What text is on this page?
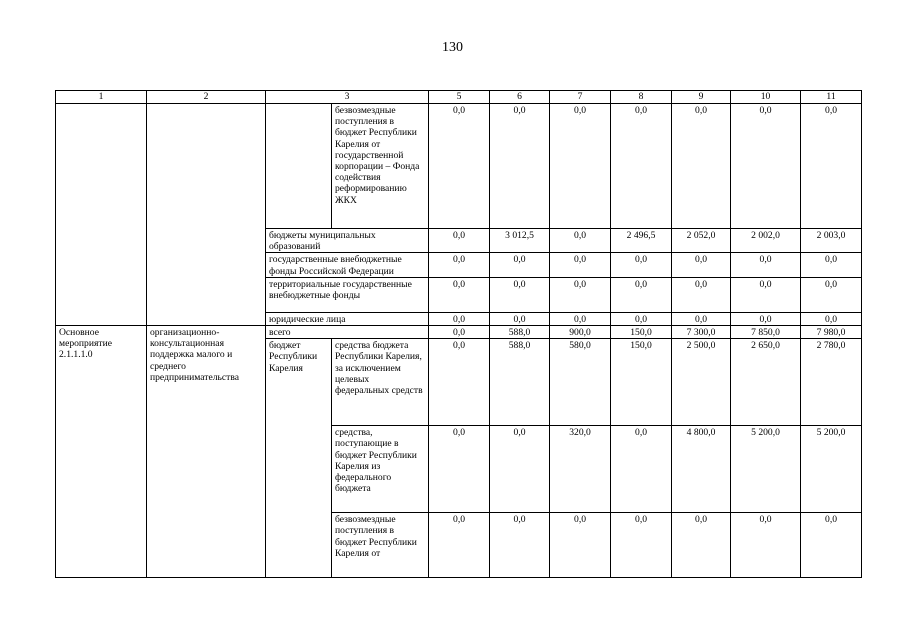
130
1	2	3		5	6	7	8	9	10	11
			безвозмездные поступления в бюджет Республики Карелия от государственной корпорации – Фонда содействия реформированию ЖКХ	0,0	0,0	0,0	0,0	0,0	0,0	0,0
		бюджеты муниципальных образований		0,0	3 012,5	0,0	2 496,5	2 052,0	2 002,0	2 003,0
		государственные внебюджетные фонды Российской Федерации		0,0	0,0	0,0	0,0	0,0	0,0	0,0
		территориальные государственные внебюджетные фонды		0,0	0,0	0,0	0,0	0,0	0,0	0,0
		юридические лица		0,0	0,0	0,0	0,0	0,0	0,0	0,0
Основное мероприятие 2.1.1.1.0	организационно-консультационная поддержка малого и среднего предпринимательства	всего		0,0	588,0	900,0	150,0	7 300,0	7 850,0	7 980,0
		бюджет Республики Карелия	средства бюджета Республики Карелия, за исключением целевых федеральных средств	0,0	588,0	580,0	150,0	2 500,0	2 650,0	2 780,0
			средства, поступающие в бюджет Республики Карелия из федерального бюджета	0,0	0,0	320,0	0,0	4 800,0	5 200,0	5 200,0
			безвозмездные поступления в бюджет Республики Карелия от	0,0	0,0	0,0	0,0	0,0	0,0	0,0
